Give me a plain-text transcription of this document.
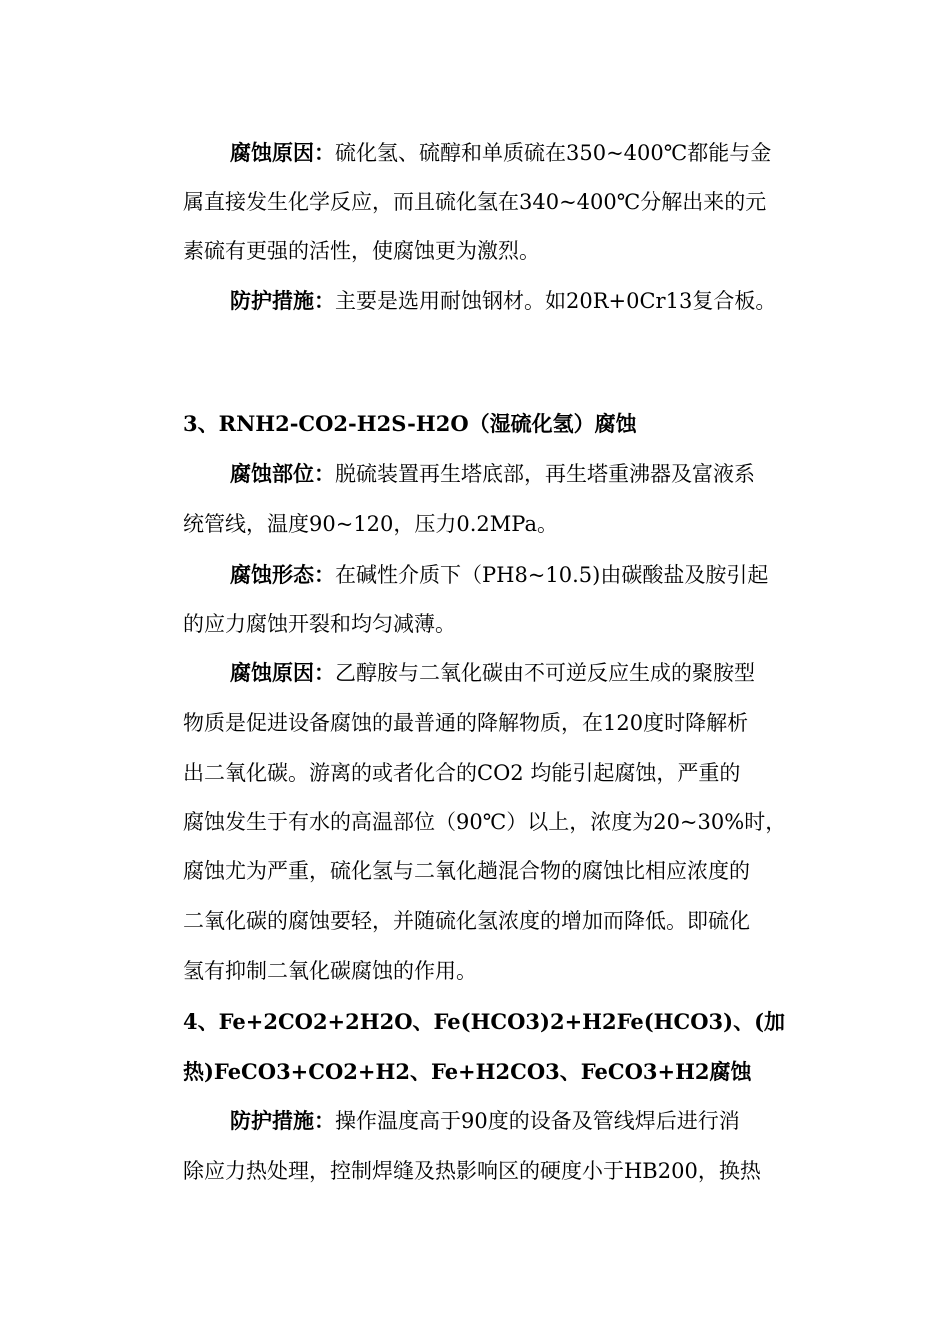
腐蚀原因：硫化氢、硫醇和单质硫在350~400℃都能与金
属直接发生化学反应，而且硫化氢在340~400℃分解出来的元
素硫有更强的活性，使腐蚀更为激烈。
防护措施：主要是选用耐蚀钢材。如20R+0Cr13复合板。
3、RNH2-CO2-H2S-H2O（湿硫化氢）腐蚀
腐蚀部位：脱硫装置再生塔底部，再生塔重沸器及富液系
统管线，温度90~120，压力0.2MPa。
腐蚀形态：在碱性介质下（PH8~10.5)由碳酸盐及胺引起
的应力腐蚀开裂和均匀减薄。
腐蚀原因：乙醇胺与二氧化碳由不可逆反应生成的聚胺型
物质是促进设备腐蚀的最普通的降解物质，在120度时降解析
出二氧化碳。游离的或者化合的CO2 均能引起腐蚀，严重的
腐蚀发生于有水的高温部位（90℃）以上，浓度为20~30%时，
腐蚀尤为严重，硫化氢与二氧化趟混合物的腐蚀比相应浓度的
二氧化碳的腐蚀要轻，并随硫化氢浓度的增加而降低。即硫化
氢有抑制二氧化碳腐蚀的作用。
4、Fe+2CO2+2H2O、Fe(HCO3)2+H2Fe(HCO3)、(加
热)FeCO3+CO2+H2、Fe+H2CO3、FeCO3+H2腐蚀
防护措施：操作温度高于90度的设备及管线焊后进行消
除应力热处理，控制焊缝及热影响区的硬度小于HB200，换热
